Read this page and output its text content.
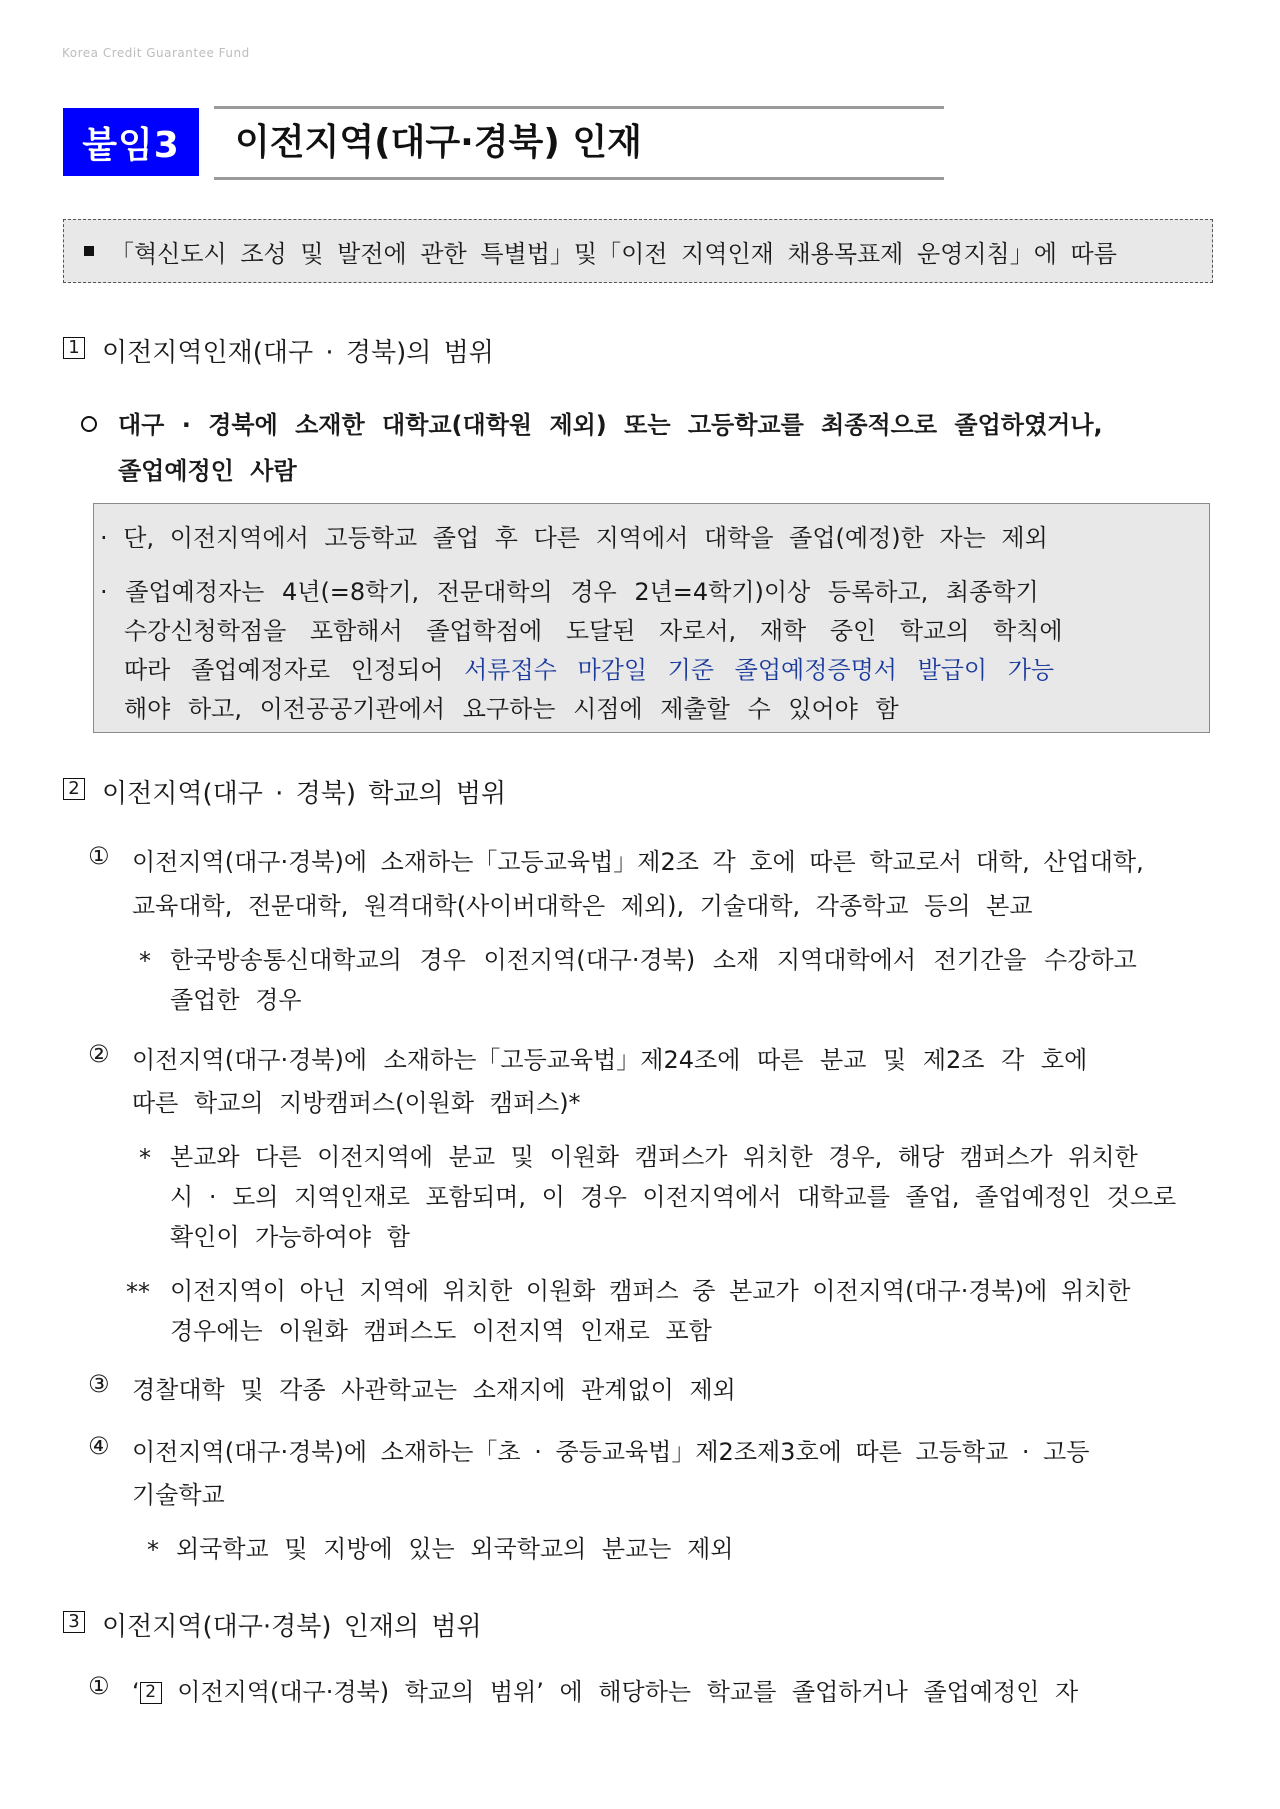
Korea Credit Guarantee Fund
붙임3	이전지역(대구·경북) 인재
「혁신도시 조성 및 발전에 관한 특별법」및「이전 지역인재 채용목표제 운영지침」에 따름
1 이전지역인재(대구 · 경북)의 범위
대구 · 경북에 소재한 대학교(대학원 제외) 또는 고등학교를 최종적으로 졸업하였거나,
졸업예정인 사람
· 단, 이전지역에서 고등학교 졸업 후 다른 지역에서 대학을 졸업(예정)한 자는 제외
· 졸업예정자는 4년(=8학기, 전문대학의 경우 2년=4학기)이상 등록하고, 최종학기
수강신청학점을 포함해서 졸업학점에 도달된 자로서, 재학 중인 학교의 학칙에
따라 졸업예정자로 인정되어 서류접수 마감일 기준 졸업예정증명서 발급이 가능
해야 하고, 이전공공기관에서 요구하는 시점에 제출할 수 있어야 함
2 이전지역(대구 · 경북) 학교의 범위
① 이전지역(대구·경북)에 소재하는「고등교육법」제2조 각 호에 따른 학교로서 대학, 산업대학,
교육대학, 전문대학, 원격대학(사이버대학은 제외), 기술대학, 각종학교 등의 본교
* 한국방송통신대학교의 경우 이전지역(대구·경북) 소재 지역대학에서 전기간을 수강하고
졸업한 경우
② 이전지역(대구·경북)에 소재하는「고등교육법」제24조에 따른 분교 및 제2조 각 호에
따른 학교의 지방캠퍼스(이원화 캠퍼스)*
* 본교와 다른 이전지역에 분교 및 이원화 캠퍼스가 위치한 경우, 해당 캠퍼스가 위치한
시 · 도의 지역인재로 포함되며, 이 경우 이전지역에서 대학교를 졸업, 졸업예정인 것으로
확인이 가능하여야 함
** 이전지역이 아닌 지역에 위치한 이원화 캠퍼스 중 본교가 이전지역(대구·경북)에 위치한
경우에는 이원화 캠퍼스도 이전지역 인재로 포함
③ 경찰대학 및 각종 사관학교는 소재지에 관계없이 제외
④ 이전지역(대구·경북)에 소재하는「초 · 중등교육법」제2조제3호에 따른 고등학교 · 고등
기술학교
* 외국학교 및 지방에 있는 외국학교의 분교는 제외
3 이전지역(대구·경북) 인재의 범위
① ‘ 2 이전지역(대구·경북) 학교의 범위’ 에 해당하는 학교를 졸업하거나 졸업예정인 자
